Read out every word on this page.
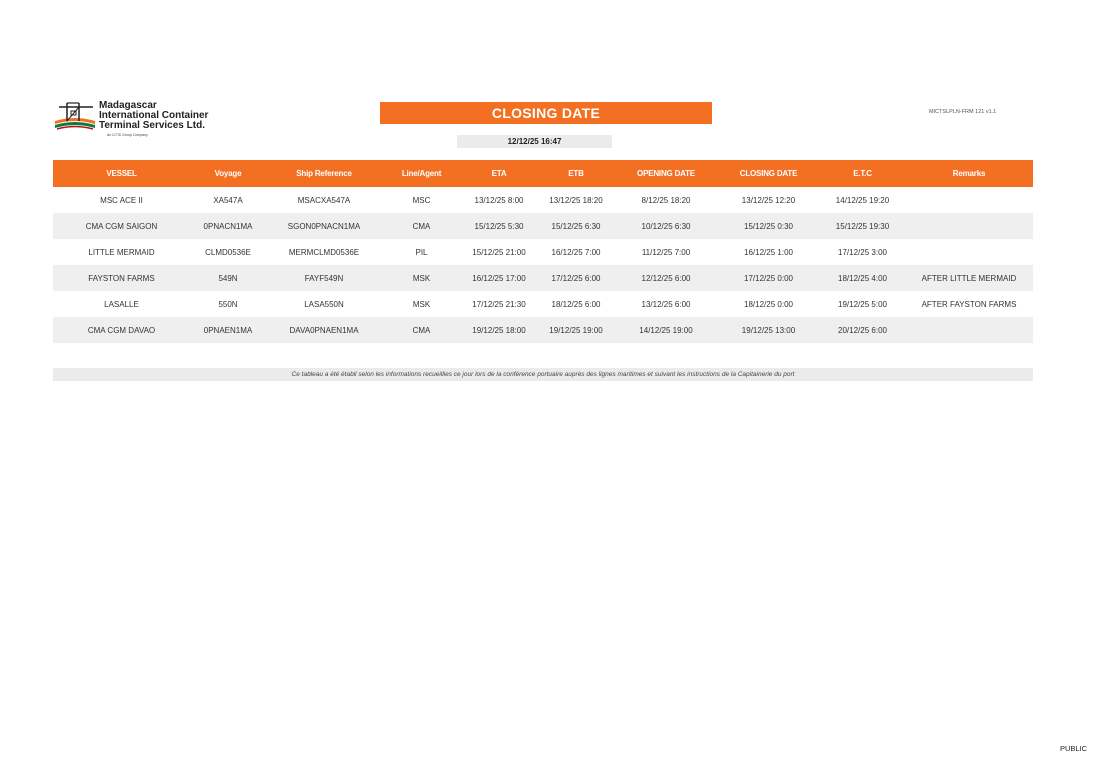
Madagascar
International Container
Terminal Services Ltd.
An ICTSI Group Company
CLOSING DATE
12/12/25 16:47
MICTSLPLN-FRM 121 v1.1
VESSEL	Voyage	Ship Reference	Line/Agent	ETA	ETB	OPENING DATE	CLOSING DATE	E.T.C	Remarks
MSC ACE II	XA547A	MSACXA547A	MSC	13/12/25 8:00	13/12/25 18:20	8/12/25 18:20	13/12/25 12:20	14/12/25 19:20	
CMA CGM SAIGON	0PNACN1MA	SGON0PNACN1MA	CMA	15/12/25 5:30	15/12/25 6:30	10/12/25 6:30	15/12/25 0:30	15/12/25 19:30	
LITTLE MERMAID	CLMD0536E	MERMCLMD0536E	PIL	15/12/25 21:00	16/12/25 7:00	11/12/25 7:00	16/12/25 1:00	17/12/25 3:00	
FAYSTON FARMS	549N	FAYF549N	MSK	16/12/25 17:00	17/12/25 6:00	12/12/25 6:00	17/12/25 0:00	18/12/25 4:00	AFTER LITTLE MERMAID
LASALLE	550N	LASA550N	MSK	17/12/25 21:30	18/12/25 6:00	13/12/25 6:00	18/12/25 0:00	19/12/25 5:00	AFTER FAYSTON FARMS
CMA CGM DAVAO	0PNAEN1MA	DAVA0PNAEN1MA	CMA	19/12/25 18:00	19/12/25 19:00	14/12/25 19:00	19/12/25 13:00	20/12/25 6:00	
Ce tableau a été établi selon les informations recueillies ce jour lors de la conférence portuaire auprès des lignes maritimes et suivant les instructions de la Capitainerie du port
PUBLIC
